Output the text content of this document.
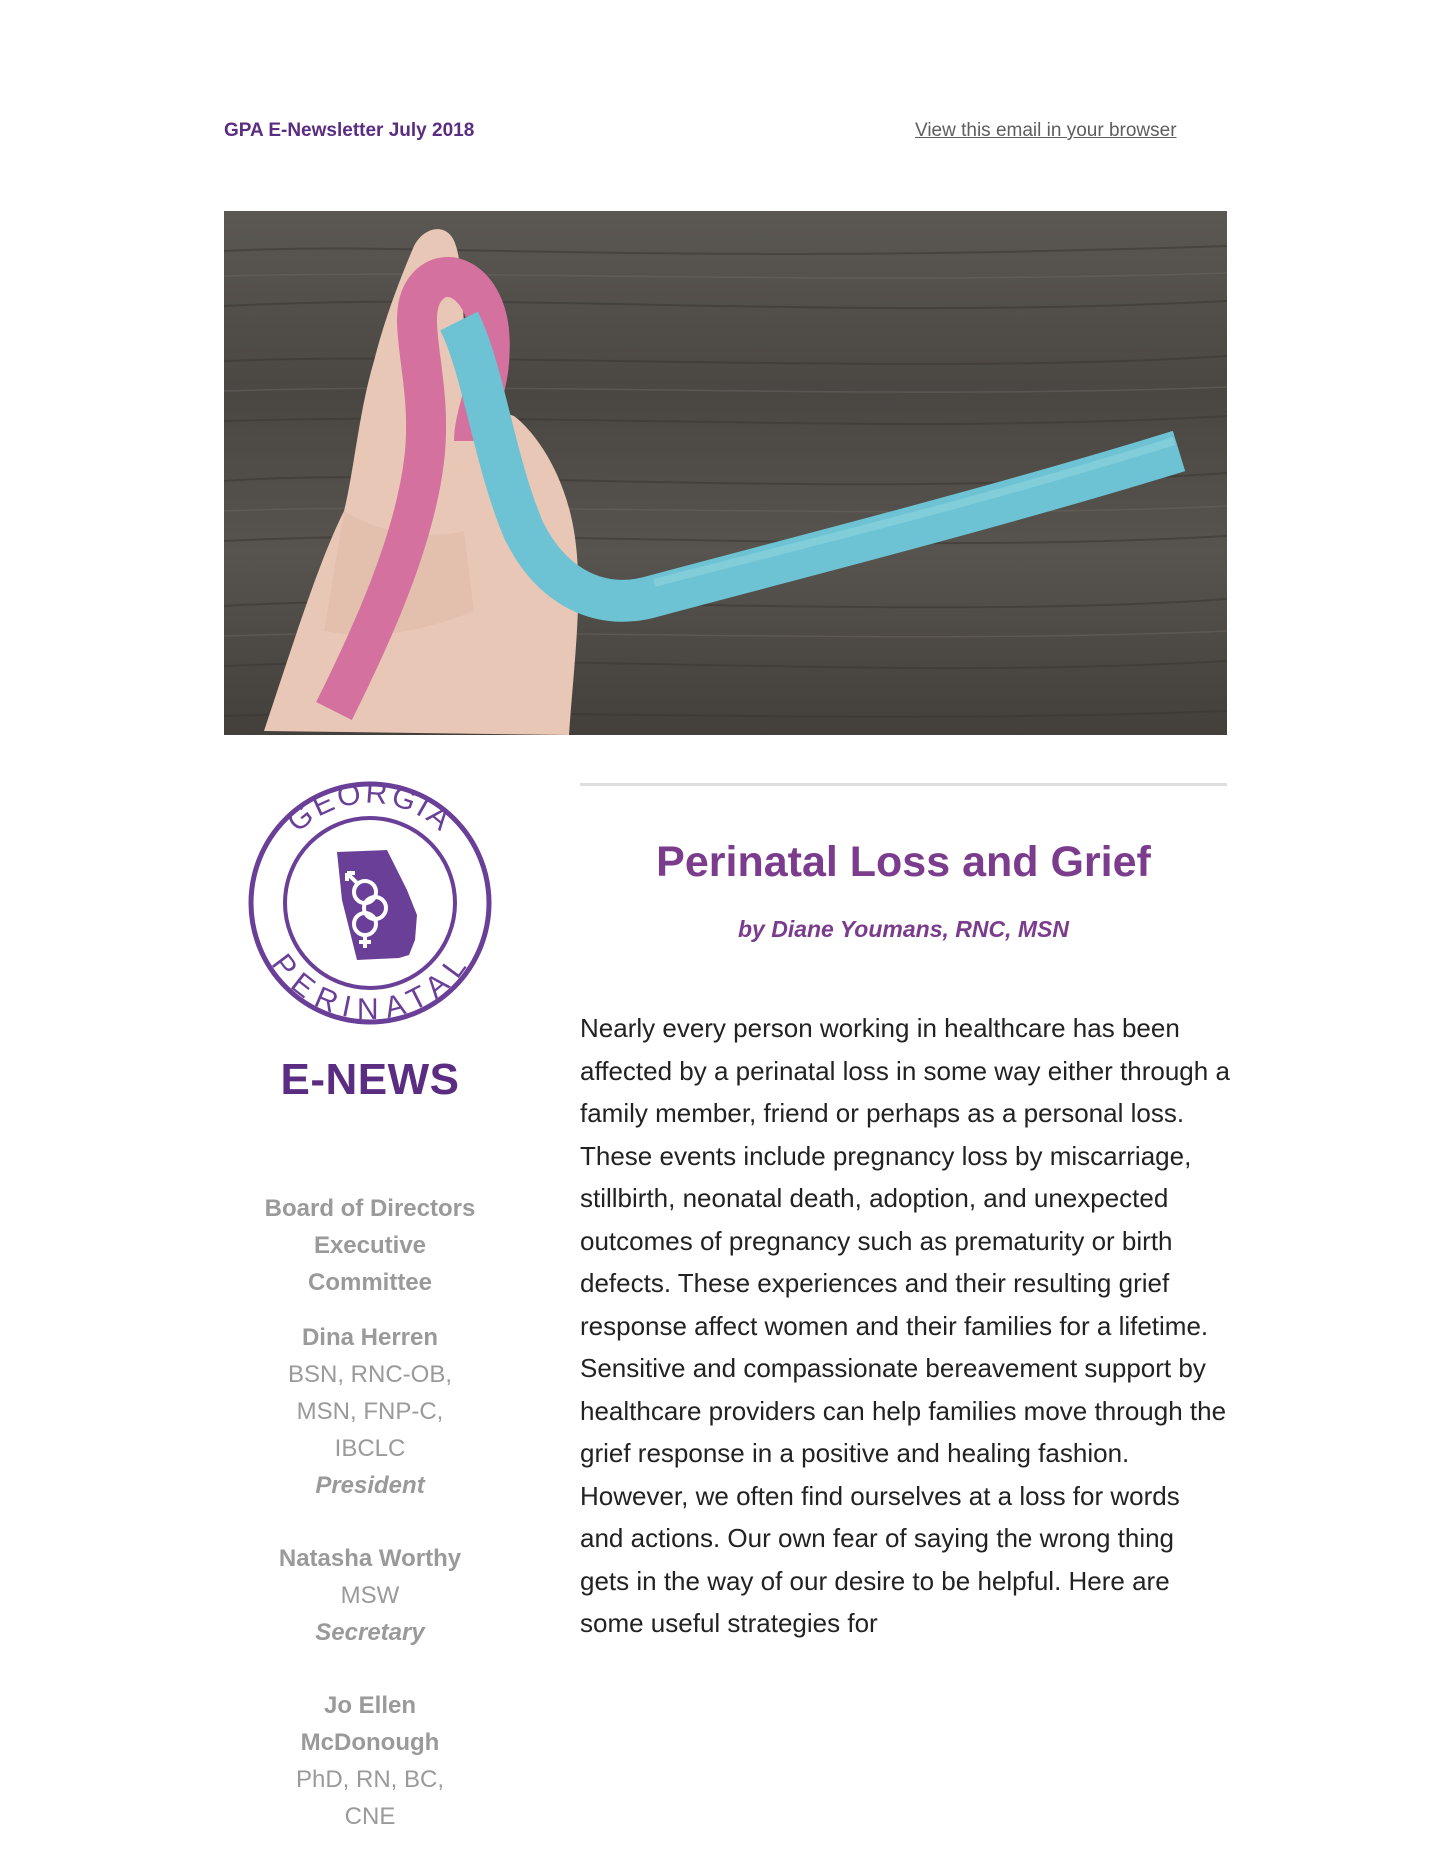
GPA E-Newsletter July 2018	View this email in your browser
GEORGIA
PERINATAL
E-NEWS
Board of Directors Executive Committee
Dina Herren
BSN, RNC-OB, MSN, FNP-C, IBCLC
President
Natasha Worthy
MSW
Secretary
Jo Ellen McDonough
PhD, RN, BC, CNE
Perinatal Loss and Grief
by Diane Youmans, RNC, MSN

Nearly every person working in healthcare has been affected by a perinatal loss in some way either through a family member, friend or perhaps as a personal loss. These events include pregnancy loss by miscarriage, stillbirth, neonatal death, adoption, and unexpected outcomes of pregnancy such as prematurity or birth defects. These experiences and their resulting grief response affect women and their families for a lifetime.

Sensitive and compassionate bereavement support by healthcare providers can help families move through the grief response in a positive and healing fashion. However, we often find ourselves at a loss for words and actions. Our own fear of saying the wrong thing gets in the way of our desire to be helpful. Here are some useful strategies for
